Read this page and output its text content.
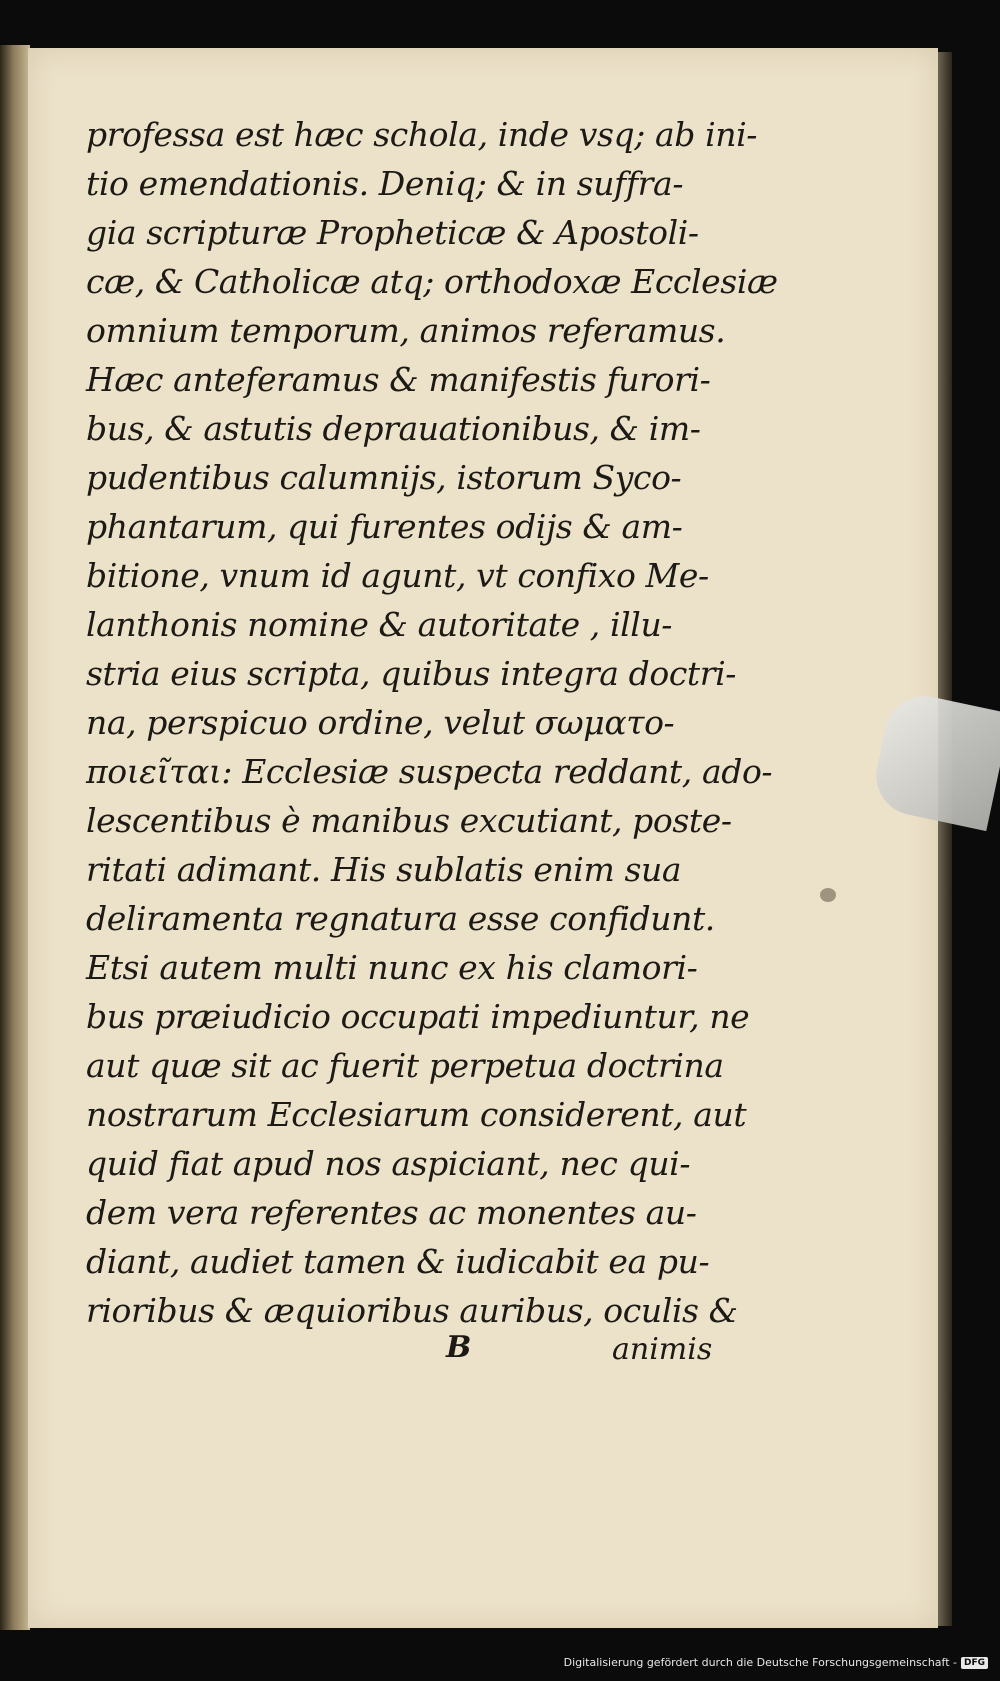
professa est hæc schola, inde vsq; ab ini-
tio emendationis. Deniq; & in suffra-
gia scripturæ Propheticæ & Apostoli-
cæ, & Catholicæ atq; orthodoxæ Ecclesiæ
omnium temporum, animos referamus.
Hæc anteferamus & manifestis furori-
bus, & astutis deprauationibus, & im-
pudentibus calumnijs, istorum Syco-
phantarum, qui furentes odijs & am-
bitione, vnum id agunt, vt confixo Me-
lanthonis nomine & autoritate , illu-
stria eius scripta, quibus integra doctri-
na, perspicuo ordine, velut σωματο-
ποιεῖται: Ecclesiæ suspecta reddant, ado-
lescentibus è manibus excutiant, poste-
ritati adimant. His sublatis enim sua
deliramenta regnatura esse confidunt.
Etsi autem multi nunc ex his clamori-
bus præiudicio occupati impediuntur, ne
aut quæ sit ac fuerit perpetua doctrina
nostrarum Ecclesiarum considerent, aut
quid fiat apud nos aspiciant, nec qui-
dem vera referentes ac monentes au-
diant, audiet tamen & iudicabit ea pu-
rioribus & æquioribus auribus, oculis &
B	animis
Digitalisierung gefördert durch die Deutsche Forschungsgemeinschaft - DFG
